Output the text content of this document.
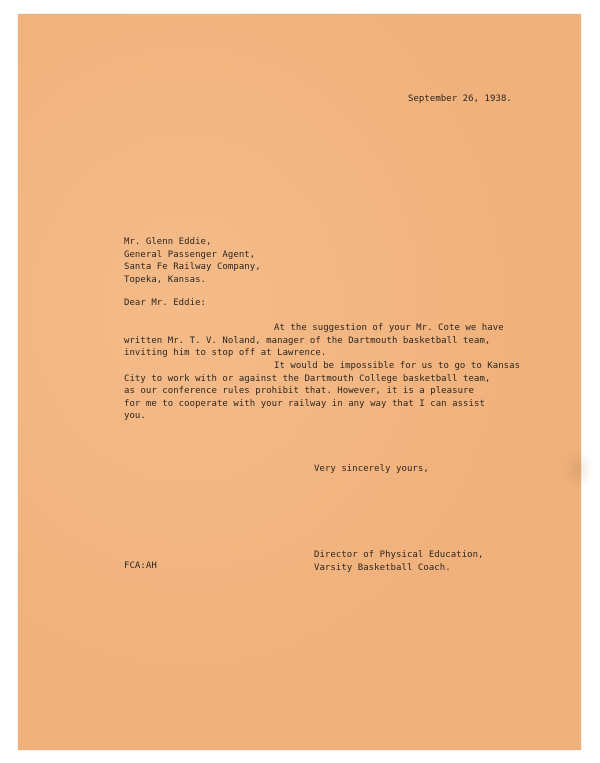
September 26, 1938.
Mr. Glenn Eddie,
General Passenger Agent,
Santa Fe Railway Company,
Topeka, Kansas.
Dear Mr. Eddie:
At the suggestion of your Mr. Cote we have
written Mr. T. V. Noland, manager of the Dartmouth basketball team,
inviting him to stop off at Lawrence.
It would be impossible for us to go to Kansas
City to work with or against the Dartmouth College basketball team,
as our conference rules prohibit that. However, it is a pleasure
for me to cooperate with your railway in any way that I can assist
you.
Very sincerely yours,
FCA:AH
Director of Physical Education,
Varsity Basketball Coach.
